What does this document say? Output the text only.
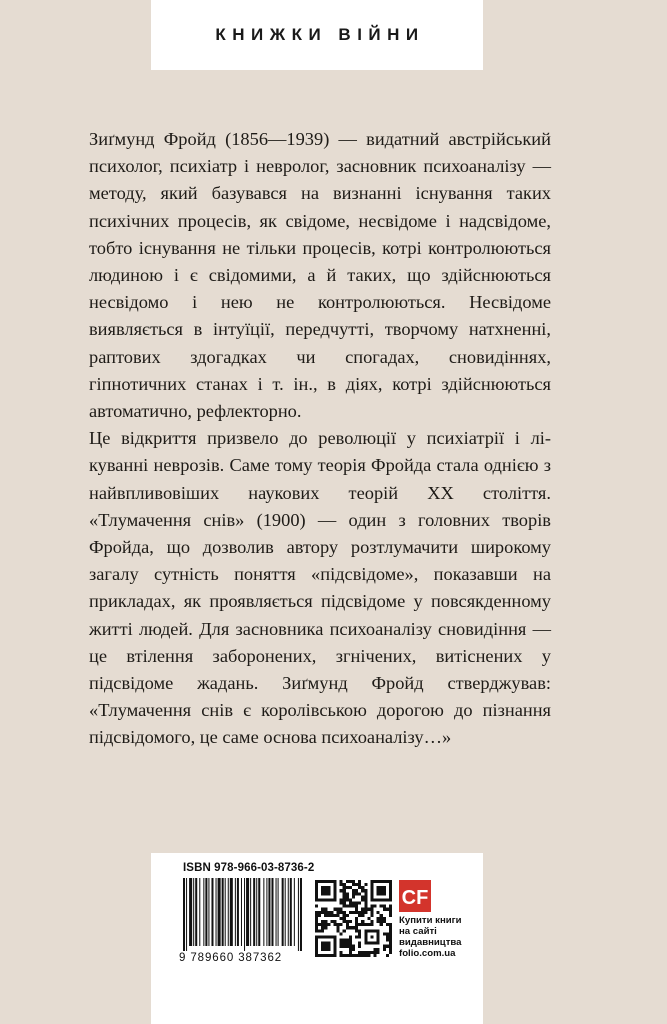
КНИЖКИ ВІЙНИ

Зиґмунд Фройд (1856—1939) — видатний австрійський психолог, психіатр і невролог, засновник психоаналізу — методу, який базувався на визнанні існування таких психічних процесів, як свідоме, несвідоме і надсвідоме, тобто існування не тільки процесів, котрі контролюються людиною і є свідомими, а й таких, що здійснюються несвідомо і нею не контролюються. Несвідоме виявляється в інтуїції, передчутті, творчому натхненні, раптових здогадках чи спогадах, сновидіннях, гіпнотичних станах і т. ін., в діях, котрі здійснюються автоматично, рефлекторно.

Це відкриття призвело до революції у психіатрії і лікуванні неврозів. Саме тому теорія Фройда стала однією з найвпливовіших наукових теорій XX століття. «Тлумачення снів» (1900) — один з головних творів Фройда, що дозволив автору розтлумачити широкому загалу сутність поняття «підсвідоме», показавши на прикладах, як проявляється підсвідоме у повсякденному житті людей. Для засновника психоаналізу сновидіння — це втілення заборонених, згнічених, витіснених у підсвідоме жадань. Зиґмунд Фройд стверджував: «Тлумачення снів є королівською дорогою до пізнання підсвідомого, це саме основа психоаналізу…»

ISBN 978-966-03-8736-2
9 789660 387362
CF
Купити книги
на сайті
видавництва
folio.com.ua
